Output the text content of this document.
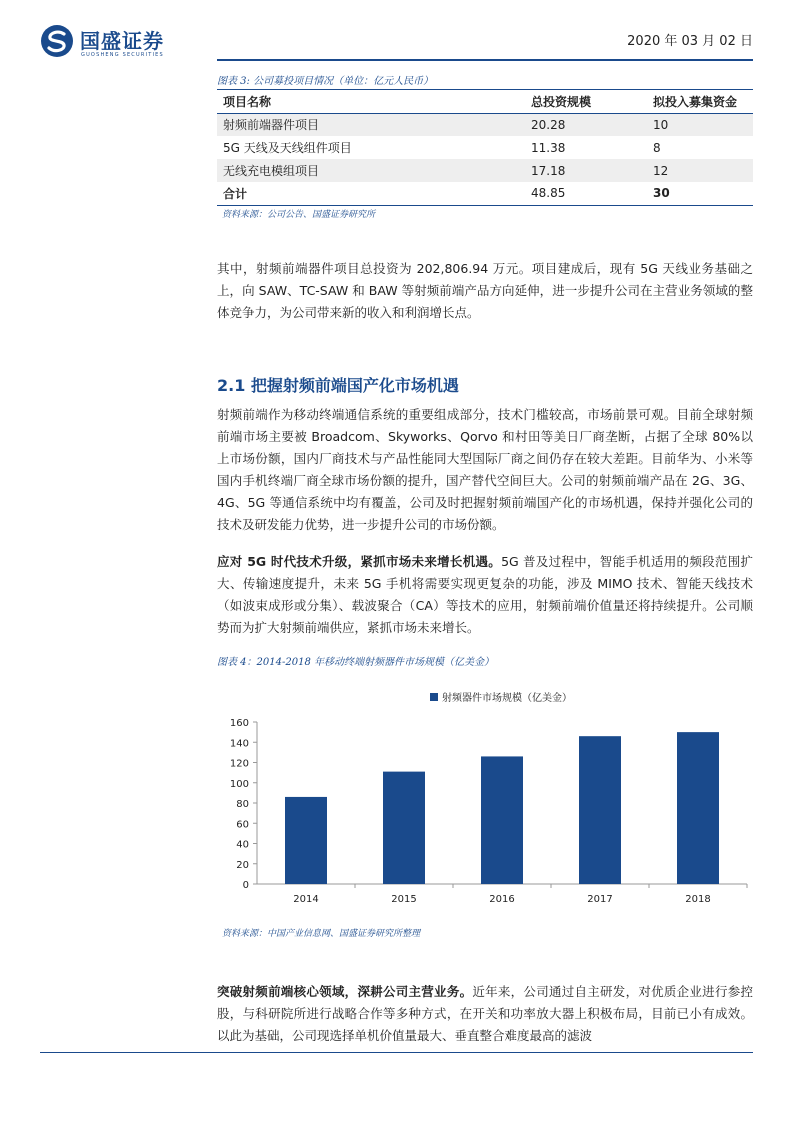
国盛证券
GUOSHENG SECURITIES
2020 年 03 月 02 日
图表 3: 公司募投项目情况（单位：亿元人民币）
项目名称	总投资规模	拟投入募集资金
射频前端器件项目	20.28	10
5G 天线及天线组件项目	11.38	8
无线充电模组项目	17.18	12
合计	48.85	30
资料来源：公司公告、国盛证券研究所
其中，射频前端器件项目总投资为 202,806.94 万元。项目建成后，现有 5G 天线业务基础之上，向 SAW、TC-SAW 和 BAW 等射频前端产品方向延伸，进一步提升公司在主营业务领域的整体竞争力，为公司带来新的收入和利润增长点。
2.1 把握射频前端国产化市场机遇
射频前端作为移动终端通信系统的重要组成部分，技术门槛较高，市场前景可观。目前全球射频前端市场主要被 Broadcom、Skyworks、Qorvo 和村田等美日厂商垄断，占据了全球 80%以上市场份额，国内厂商技术与产品性能同大型国际厂商之间仍存在较大差距。目前华为、小米等国内手机终端厂商全球市场份额的提升，国产替代空间巨大。公司的射频前端产品在 2G、3G、4G、5G 等通信系统中均有覆盖，公司及时把握射频前端国产化的市场机遇，保持并强化公司的技术及研发能力优势，进一步提升公司的市场份额。
应对 5G 时代技术升级，紧抓市场未来增长机遇。5G 普及过程中，智能手机适用的频段范围扩大、传输速度提升，未来 5G 手机将需要实现更复杂的功能，涉及 MIMO 技术、智能天线技术（如波束成形或分集）、载波聚合（CA）等技术的应用，射频前端价值量还将持续提升。公司顺势而为扩大射频前端供应，紧抓市场未来增长。
图表 4：2014-2018 年移动终端射频器件市场规模（亿美金）
射频器件市场规模（亿美金）
0
20
40
60
80
100
120
140
160
2014	2015	2016	2017	2018
资料来源：中国产业信息网、国盛证券研究所整理
突破射频前端核心领域，深耕公司主营业务。近年来，公司通过自主研发，对优质企业进行参控股，与科研院所进行战略合作等多种方式，在开关和功率放大器上积极布局，目前已小有成效。以此为基础，公司现选择单机价值量最大、垂直整合难度最高的滤波
